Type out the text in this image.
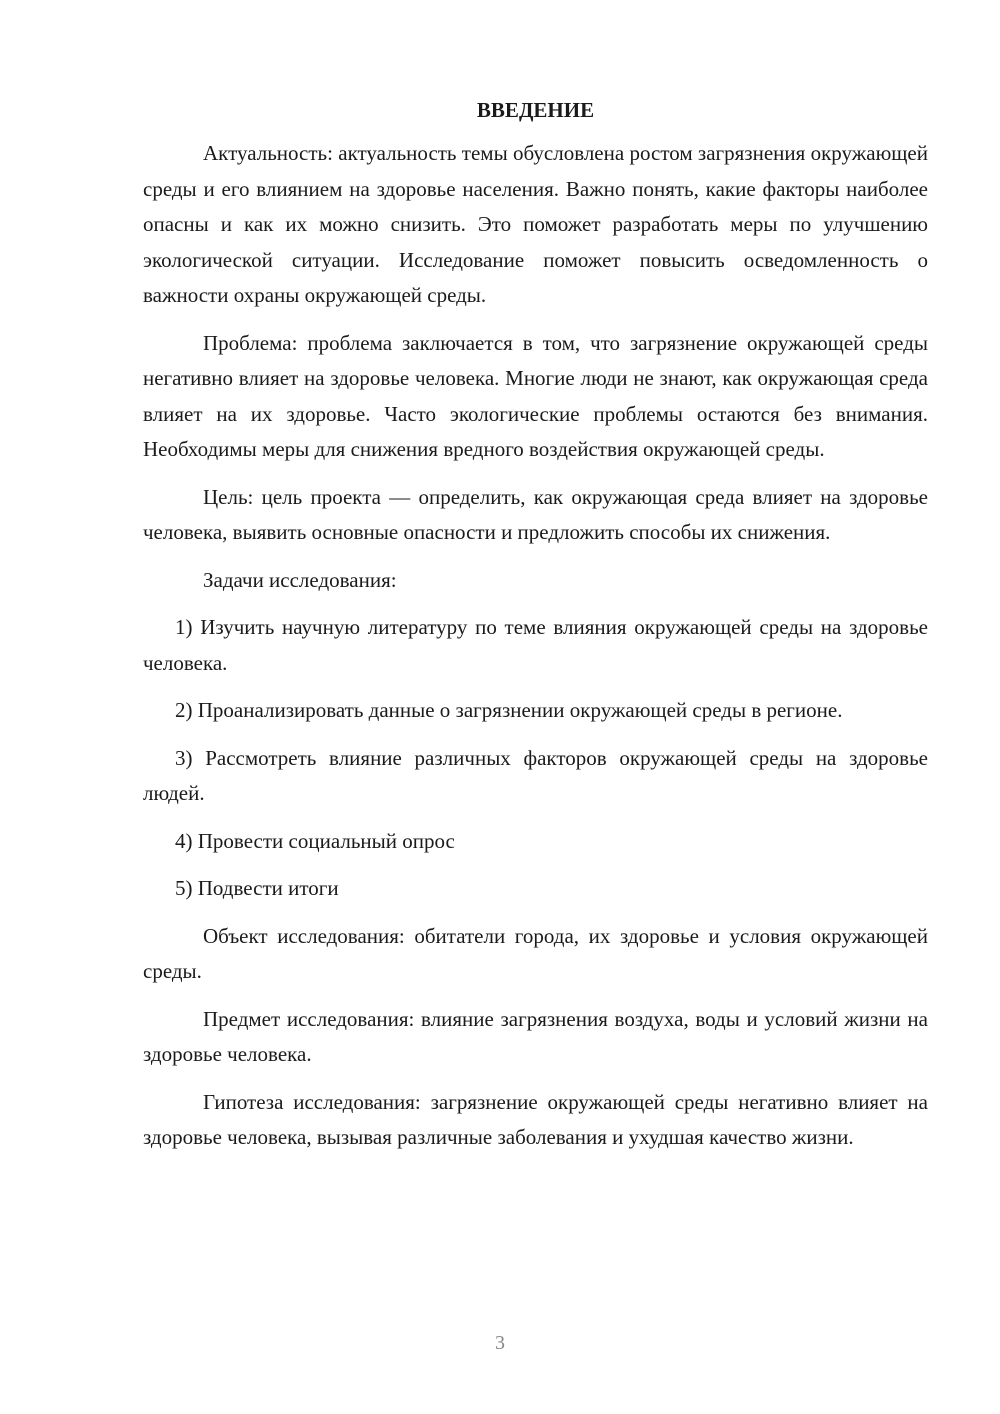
ВВЕДЕНИЕ

Актуальность: актуальность темы обусловлена ростом загрязнения окружающей среды и его влиянием на здоровье населения. Важно понять, какие факторы наиболее опасны и как их можно снизить. Это поможет разработать меры по улучшению экологической ситуации. Исследование поможет повысить осведомленность о важности охраны окружающей среды.

Проблема: проблема заключается в том, что загрязнение окружающей среды негативно влияет на здоровье человека. Многие люди не знают, как окружающая среда влияет на их здоровье. Часто экологические проблемы остаются без внимания. Необходимы меры для снижения вредного воздействия окружающей среды.

Цель: цель проекта — определить, как окружающая среда влияет на здоровье человека, выявить основные опасности и предложить способы их снижения.

Задачи исследования:

1) Изучить научную литературу по теме влияния окружающей среды на здоровье человека.

2) Проанализировать данные о загрязнении окружающей среды в регионе.

3) Рассмотреть влияние различных факторов окружающей среды на здоровье людей.

4) Провести социальный опрос

5) Подвести итоги

Объект исследования: обитатели города, их здоровье и условия окружающей среды.

Предмет исследования: влияние загрязнения воздуха, воды и условий жизни на здоровье человека.

Гипотеза исследования: загрязнение окружающей среды негативно влияет на здоровье человека, вызывая различные заболевания и ухудшая качество жизни.

3
